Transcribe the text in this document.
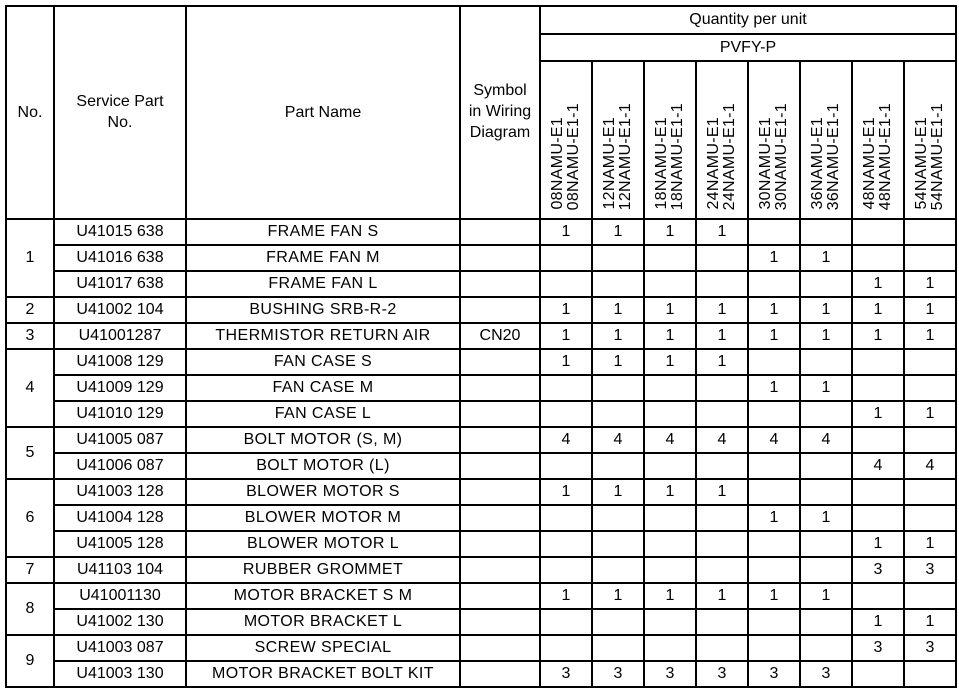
No.	Service Part No.	Part Name	Symbol in Wiring Diagram	Quantity per unit							
				PVFY-P							
				08NAMU-E108NAMU-E1-1	12NAMU-E112NAMU-E1-1	18NAMU-E118NAMU-E1-1	24NAMU-E124NAMU-E1-1	30NAMU-E130NAMU-E1-1	36NAMU-E136NAMU-E1-1	48NAMU-E148NAMU-E1-1	54NAMU-E154NAMU-E1-1
1	U41015 638	FRAME FAN S		1	1	1	1				
	U41016 638	FRAME FAN M						1	1		
	U41017 638	FRAME FAN L								1	1
2	U41002 104	BUSHING SRB-R-2		1	1	1	1	1	1	1	1
3	U41001287	THERMISTOR RETURN AIR	CN20	1	1	1	1	1	1	1	1
4	U41008 129	FAN CASE S		1	1	1	1				
	U41009 129	FAN CASE M						1	1		
	U41010 129	FAN CASE L								1	1
5	U41005 087	BOLT MOTOR (S, M)		4	4	4	4	4	4		
	U41006 087	BOLT MOTOR (L)								4	4
6	U41003 128	BLOWER MOTOR S		1	1	1	1				
	U41004 128	BLOWER MOTOR M						1	1		
	U41005 128	BLOWER MOTOR L								1	1
7	U41103 104	RUBBER GROMMET								3	3
8	U41001130	MOTOR BRACKET S M		1	1	1	1	1	1		
	U41002 130	MOTOR BRACKET L								1	1
9	U41003 087	SCREW SPECIAL								3	3
	U41003 130	MOTOR BRACKET BOLT KIT		3	3	3	3	3	3		
